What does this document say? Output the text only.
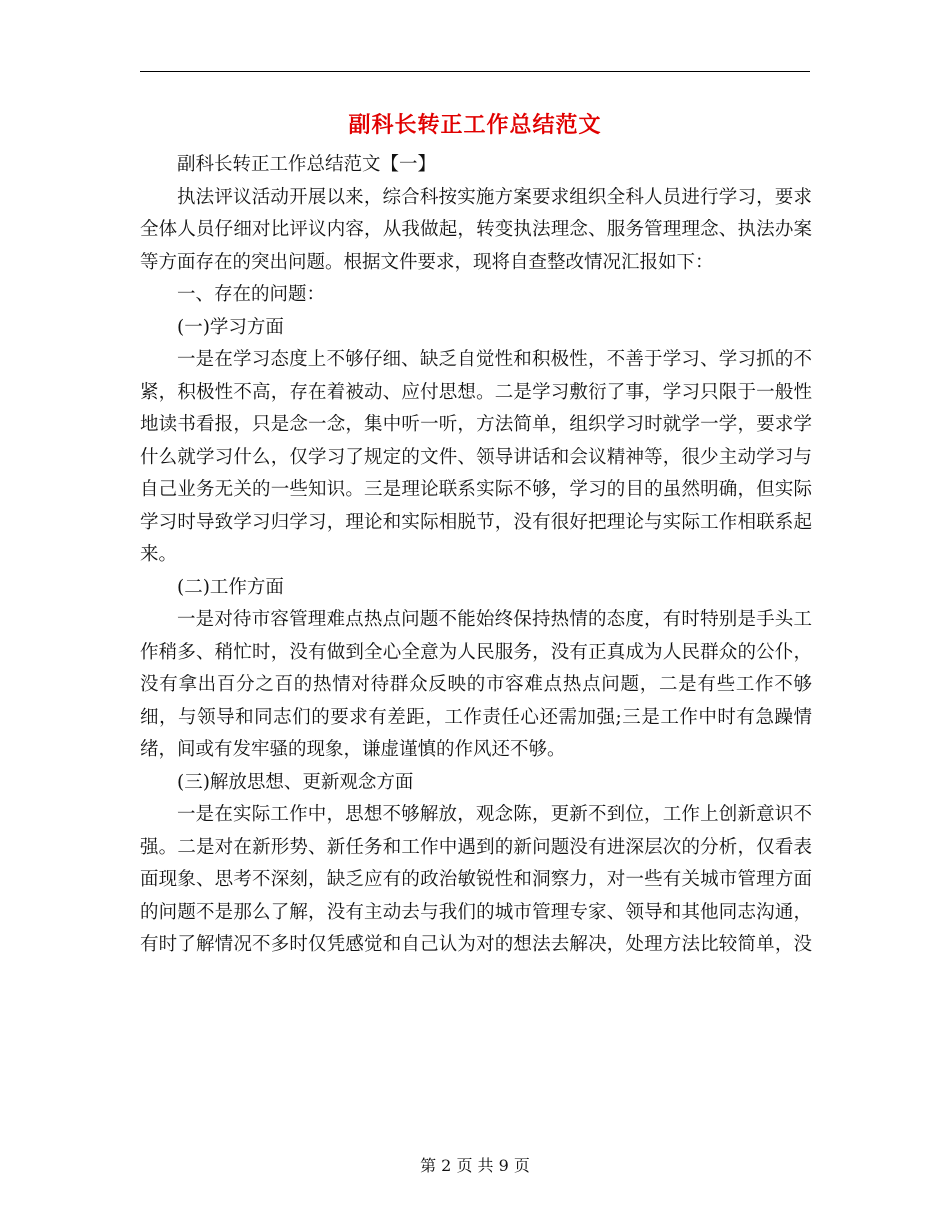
副科长转正工作总结范文

副科长转正工作总结范文【一】

执法评议活动开展以来，综合科按实施方案要求组织全科人员进行学习，要求全体人员仔细对比评议内容，从我做起，转变执法理念、服务管理理念、执法办案等方面存在的突出问题。根据文件要求，现将自查整改情况汇报如下：

一、存在的问题：

(一)学习方面

一是在学习态度上不够仔细、缺乏自觉性和积极性，不善于学习、学习抓的不紧，积极性不高，存在着被动、应付思想。二是学习敷衍了事，学习只限于一般性地读书看报，只是念一念，集中听一听，方法简单，组织学习时就学一学，要求学什么就学习什么，仅学习了规定的文件、领导讲话和会议精神等，很少主动学习与自己业务无关的一些知识。三是理论联系实际不够，学习的目的虽然明确，但实际学习时导致学习归学习，理论和实际相脱节，没有很好把理论与实际工作相联系起来。

(二)工作方面

一是对待市容管理难点热点问题不能始终保持热情的态度，有时特别是手头工作稍多、稍忙时，没有做到全心全意为人民服务，没有正真成为人民群众的公仆，没有拿出百分之百的热情对待群众反映的市容难点热点问题，二是有些工作不够细，与领导和同志们的要求有差距，工作责任心还需加强;三是工作中时有急躁情绪，间或有发牢骚的现象，谦虚谨慎的作风还不够。

(三)解放思想、更新观念方面

一是在实际工作中，思想不够解放，观念陈，更新不到位，工作上创新意识不强。二是对在新形势、新任务和工作中遇到的新问题没有进深层次的分析，仅看表面现象、思考不深刻，缺乏应有的政治敏锐性和洞察力，对一些有关城市管理方面的问题不是那么了解，没有主动去与我们的城市管理专家、领导和其他同志沟通，有时了解情况不多时仅凭感觉和自己认为对的想法去解决，处理方法比较简单，没

第 2 页 共 9 页
